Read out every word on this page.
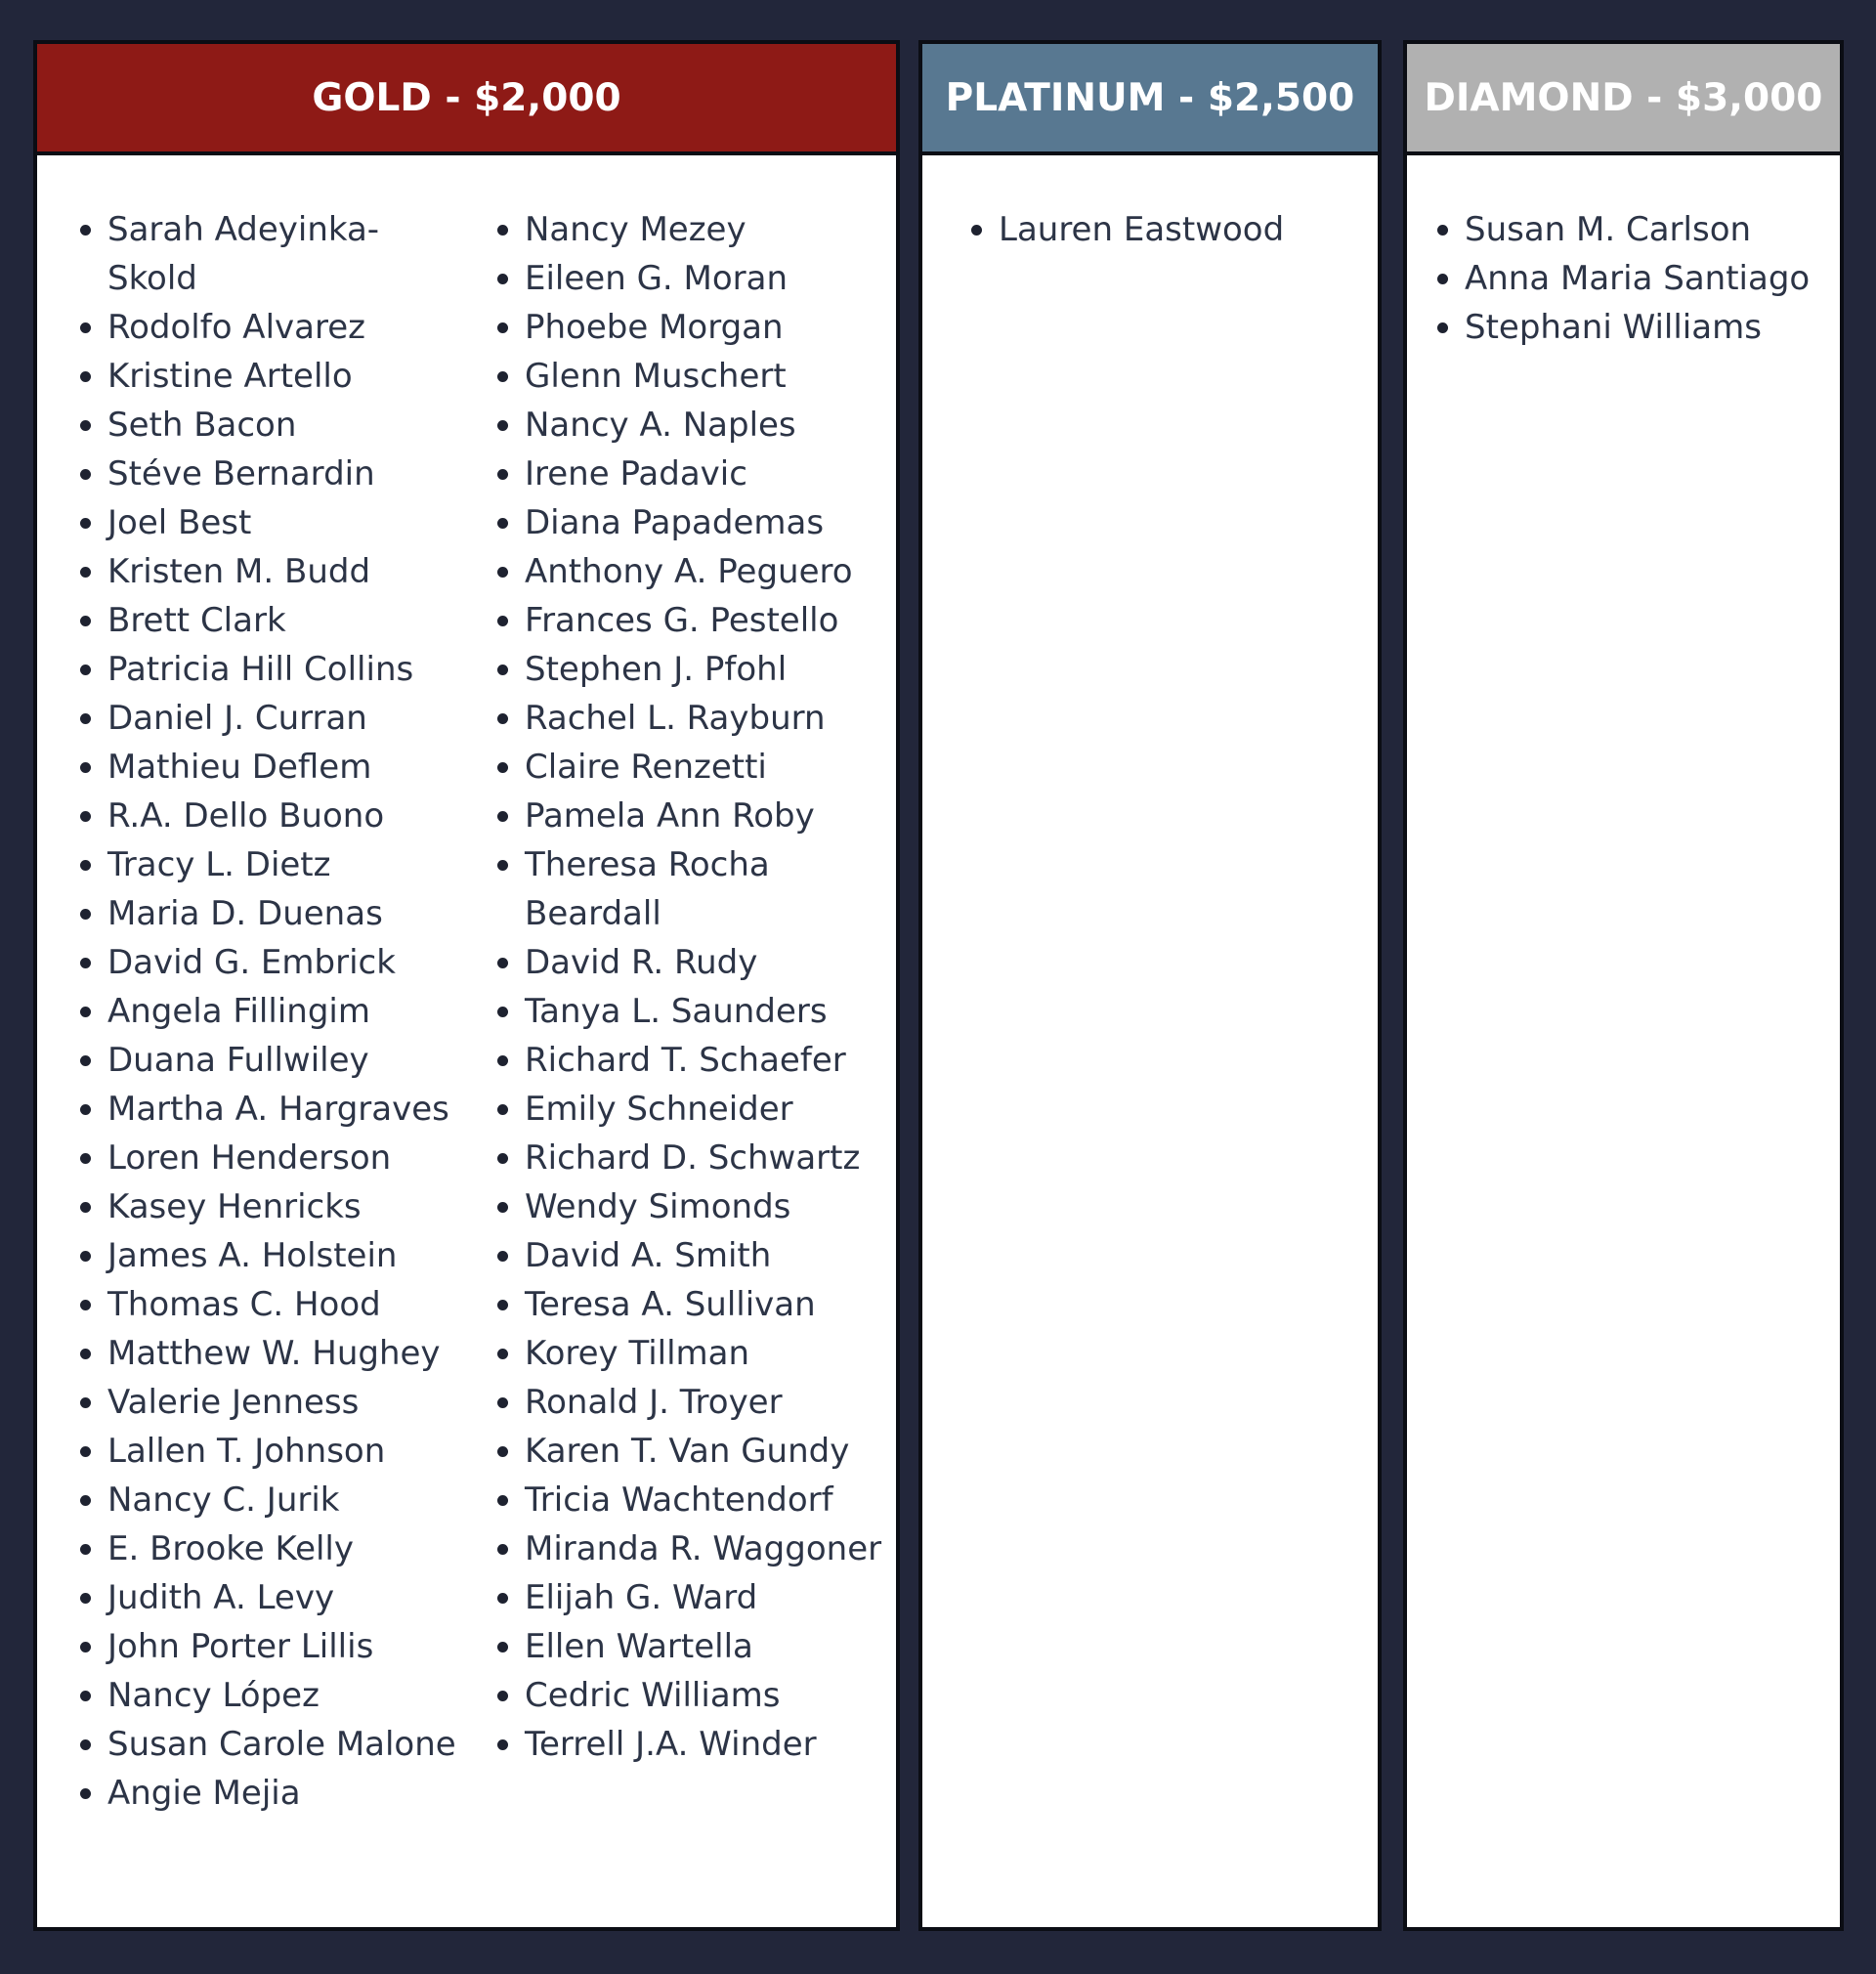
GOLD - $2,000
Sarah Adeyinka-Skold
Rodolfo Alvarez
Kristine Artello
Seth Bacon
Stéve Bernardin
Joel Best
Kristen M. Budd
Brett Clark
Patricia Hill Collins
Daniel J. Curran
Mathieu Deflem
R.A. Dello Buono
Tracy L. Dietz
Maria D. Duenas
David G. Embrick
Angela Fillingim
Duana Fullwiley
Martha A. Hargraves
Loren Henderson
Kasey Henricks
James A. Holstein
Thomas C. Hood
Matthew W. Hughey
Valerie Jenness
Lallen T. Johnson
Nancy C. Jurik
E. Brooke Kelly
Judith A. Levy
John Porter Lillis
Nancy López
Susan Carole Malone
Angie Mejia
Nancy Mezey
Eileen G. Moran
Phoebe Morgan
Glenn Muschert
Nancy A. Naples
Irene Padavic
Diana Papademas
Anthony A. Peguero
Frances G. Pestello
Stephen J. Pfohl
Rachel L. Rayburn
Claire Renzetti
Pamela Ann Roby
Theresa Rocha Beardall
David R. Rudy
Tanya L. Saunders
Richard T. Schaefer
Emily Schneider
Richard D. Schwartz
Wendy Simonds
David A. Smith
Teresa A. Sullivan
Korey Tillman
Ronald J. Troyer
Karen T. Van Gundy
Tricia Wachtendorf
Miranda R. Waggoner
Elijah G. Ward
Ellen Wartella
Cedric Williams
Terrell J.A. Winder
PLATINUM - $2,500
Lauren Eastwood
DIAMOND - $3,000
Susan M. Carlson
Anna Maria Santiago
Stephani Williams
